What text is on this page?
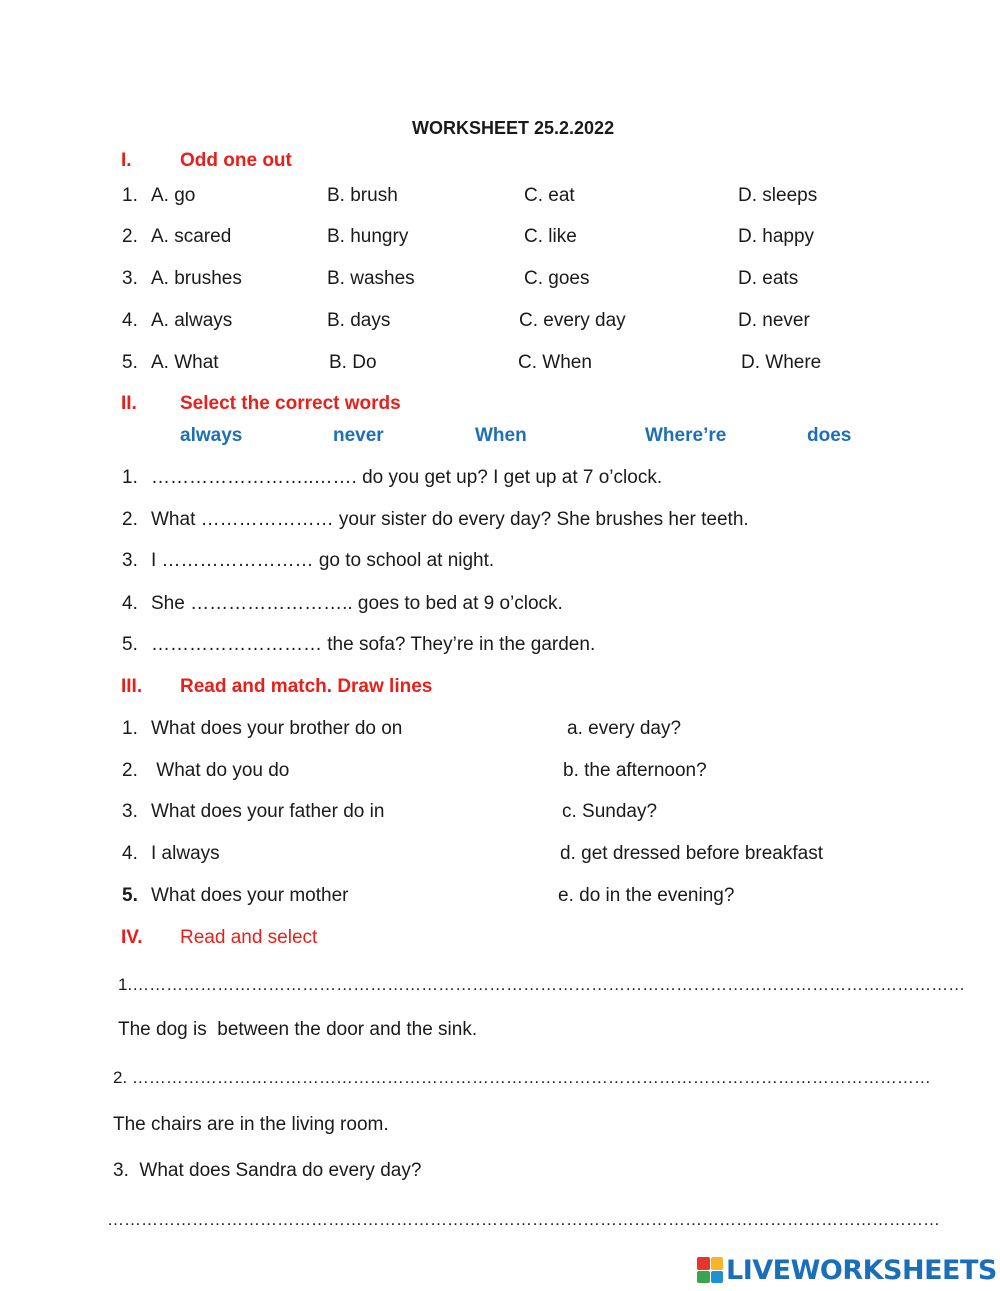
WORKSHEET 25.2.2022
I.	Odd one out
1. A. go	B. brush	C. eat	D. sleeps
2. A. scared	B. hungry	C. like	D. happy
3. A. brushes	B. washes	C. goes	D. eats
4. A. always	B. days	C. every day	D. never
5. A. What	B. Do	C. When	D. Where
II. Select the correct words
always	never	When	Where’re	does
1. ……………………..……. do you get up? I get up at 7 o’clock.
2. What ………………… your sister do every day? She brushes her teeth.
3. I …………………… go to school at night.
4. She …………………….. goes to bed at 9 o’clock.
5. ……………………… the sofa? They’re in the garden.
III. Read and match. Draw lines
1. What does your brother do on	a. every day?
2. What do you do	b. the afternoon?
3. What does your father do in	c. Sunday?
4. I always	d. get dressed before breakfast
5. What does your mother	e. do in the evening?
IV. Read and select
1.…………………………………………………………………………………………………………………………………
The dog is  between the door and the sink.
2. ……………………………………………………………………………………………………………………………
The chairs are in the living room.
3.  What does Sandra do every day?
…………………………………………………………………………………………………………………………………
LIVEWORKSHEETS
